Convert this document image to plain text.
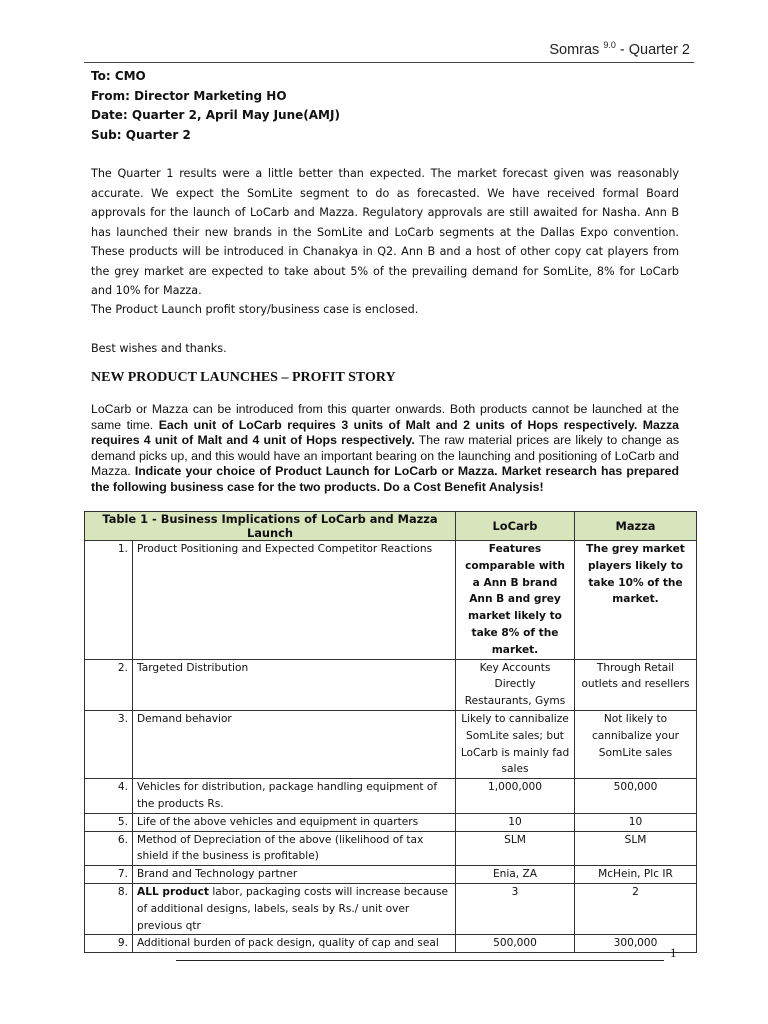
Somras $^{9.0}$ - Quarter 2
To: CMO
From: Director Marketing HO
Date: Quarter 2, April May June(AMJ)
Sub: Quarter 2
The Quarter 1 results were a little better than expected. The market forecast given was reasonably accurate. We expect the SomLite segment to do as forecasted. We have received formal Board approvals for the launch of LoCarb and Mazza. Regulatory approvals are still awaited for Nasha. Ann B has launched their new brands in the SomLite and LoCarb segments at the Dallas Expo convention. These products will be introduced in Chanakya in Q2. Ann B and a host of other copy cat players from the grey market are expected to take about 5% of the prevailing demand for SomLite, 8% for LoCarb and 10% for Mazza.
The Product Launch profit story/business case is enclosed.
Best wishes and thanks.
NEW PRODUCT LAUNCHES – PROFIT STORY
LoCarb or Mazza can be introduced from this quarter onwards. Both products cannot be launched at the same time. Each unit of LoCarb requires 3 units of Malt and 2 units of Hops respectively. Mazza requires 4 unit of Malt and 4 unit of Hops respectively. The raw material prices are likely to change as demand picks up, and this would have an important bearing on the launching and positioning of LoCarb and Mazza. Indicate your choice of Product Launch for LoCarb or Mazza. Market research has prepared the following business case for the two products. Do a Cost Benefit Analysis!
Table 1 - Business Implications of LoCarb and Mazza Launch		LoCarb	Mazza
1.	Product Positioning and Expected Competitor Reactions	Features comparable with a Ann B brand Ann B and grey market likely to take 8% of the market.	The grey market players likely to take 10% of the market.
2.	Targeted Distribution	Key Accounts Directly Restaurants, Gyms	Through Retail outlets and resellers
3.	Demand behavior	Likely to cannibalize SomLite sales; but LoCarb is mainly fad sales	Not likely to cannibalize your SomLite sales
4.	Vehicles for distribution, package handling equipment of the products Rs.	1,000,000	500,000
5.	Life of the above vehicles and equipment in quarters	10	10
6.	Method of Depreciation of the above (likelihood of tax shield if the business is profitable)	SLM	SLM
7.	Brand and Technology partner	Enia, ZA	McHein, Plc IR
8.	ALL product labor, packaging costs will increase because of additional designs, labels, seals by Rs./ unit over previous qtr	3	2
9.	Additional burden of pack design, quality of cap and seal	500,000	300,000
1
